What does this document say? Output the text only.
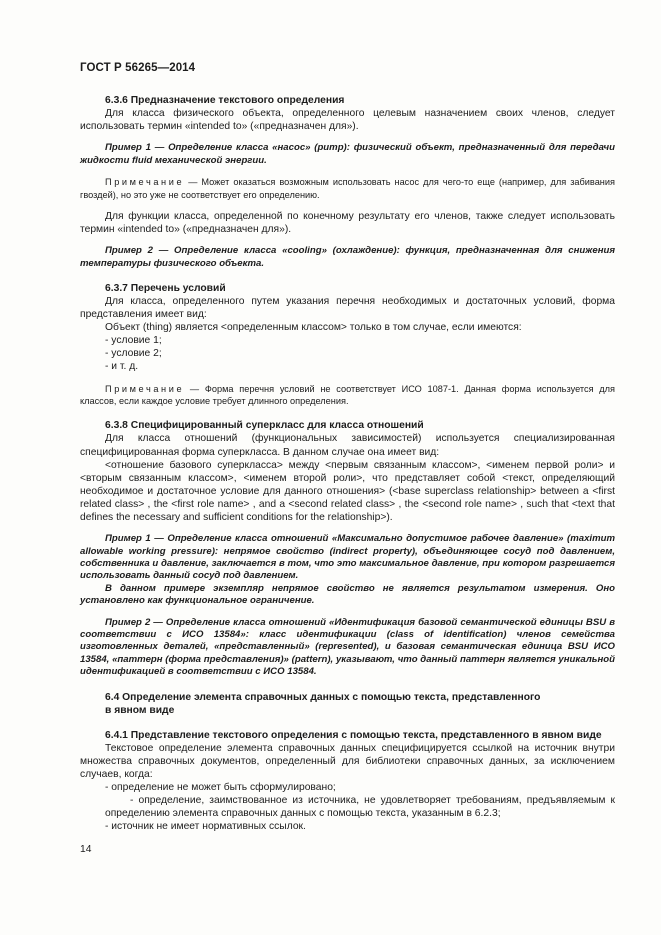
ГОСТ Р 56265—2014

6.3.6 Предназначение текстового определения

Для класса физического объекта, определенного целевым назначением своих членов, следует использовать термин «intended to» («предназначен для»).

Пример 1 — Определение класса «насос» (pump): физический объект, предназначенный для передачи жидкости fluid механической энергии.

Примечание — Может оказаться возможным использовать насос для чего-то еще (например, для забивания гвоздей), но это уже не соответствует его определению.

Для функции класса, определенной по конечному результату его членов, также следует использовать термин «intended to» («предназначен для»).

Пример 2 — Определение класса «cooling» (охлаждение): функция, предназначенная для снижения температуры физического объекта.

6.3.7 Перечень условий

Для класса, определенного путем указания перечня необходимых и достаточных условий, форма представления имеет вид:

Объект (thing) является <определенным классом> только в том случае, если имеются:

- условие 1;

- условие 2;

- и т. д.

Примечание — Форма перечня условий не соответствует ИСО 1087-1. Данная форма используется для классов, если каждое условие требует длинного определения.

6.3.8 Специфицированный суперкласс для класса отношений

Для класса отношений (функциональных зависимостей) используется специализированная специфицированная форма суперкласса. В данном случае она имеет вид:

<отношение базового суперкласса> между <первым связанным классом>, <именем первой роли> и <вторым связанным классом>, <именем второй роли>, что представляет собой <текст, определяющий необходимое и достаточное условие для данного отношения> (<base superclass relationship> between a <first related class> , the <first role name> , and a <second related class> , the <second role name> , such that <text that defines the necessary and sufficient conditions for the relationship>).

Пример 1 — Определение класса отношений «Максимально допустимое рабочее давление» (maximum allowable working pressure): непрямое свойство (indirect property), объединяющее сосуд под давлением, собственника и давление, заключается в том, что это максимальное давление, при котором разрешается использовать данный сосуд под давлением.

В данном примере экземпляр непрямое свойство не является результатом измерения. Оно установлено как функциональное ограничение.

Пример 2 — Определение класса отношений «Идентификация базовой семантической единицы BSU в соответствии с ИСО 13584»: класс идентификации (class of identification) членов семейства изготовленных деталей, «представленный» (represented), и базовая семантическая единица BSU ИСО 13584, «паттерн (форма представления)» (pattern), указывают, что данный паттерн является уникальной идентификацией в соответствии с ИСО 13584.

6.4 Определение элемента справочных данных с помощью текста, представленного
в явном виде

6.4.1 Представление текстового определения с помощью текста, представленного в явном виде

Текстовое определение элемента справочных данных специфицируется ссылкой на источник внутри множества справочных документов, определенный для библиотеки справочных данных, за исключением случаев, когда:

- определение не может быть сформулировано;

- определение, заимствованное из источника, не удовлетворяет требованиям, предъявляемым к определению элемента справочных данных с помощью текста, указанным в 6.2.3;

- источник не имеет нормативных ссылок.

14
